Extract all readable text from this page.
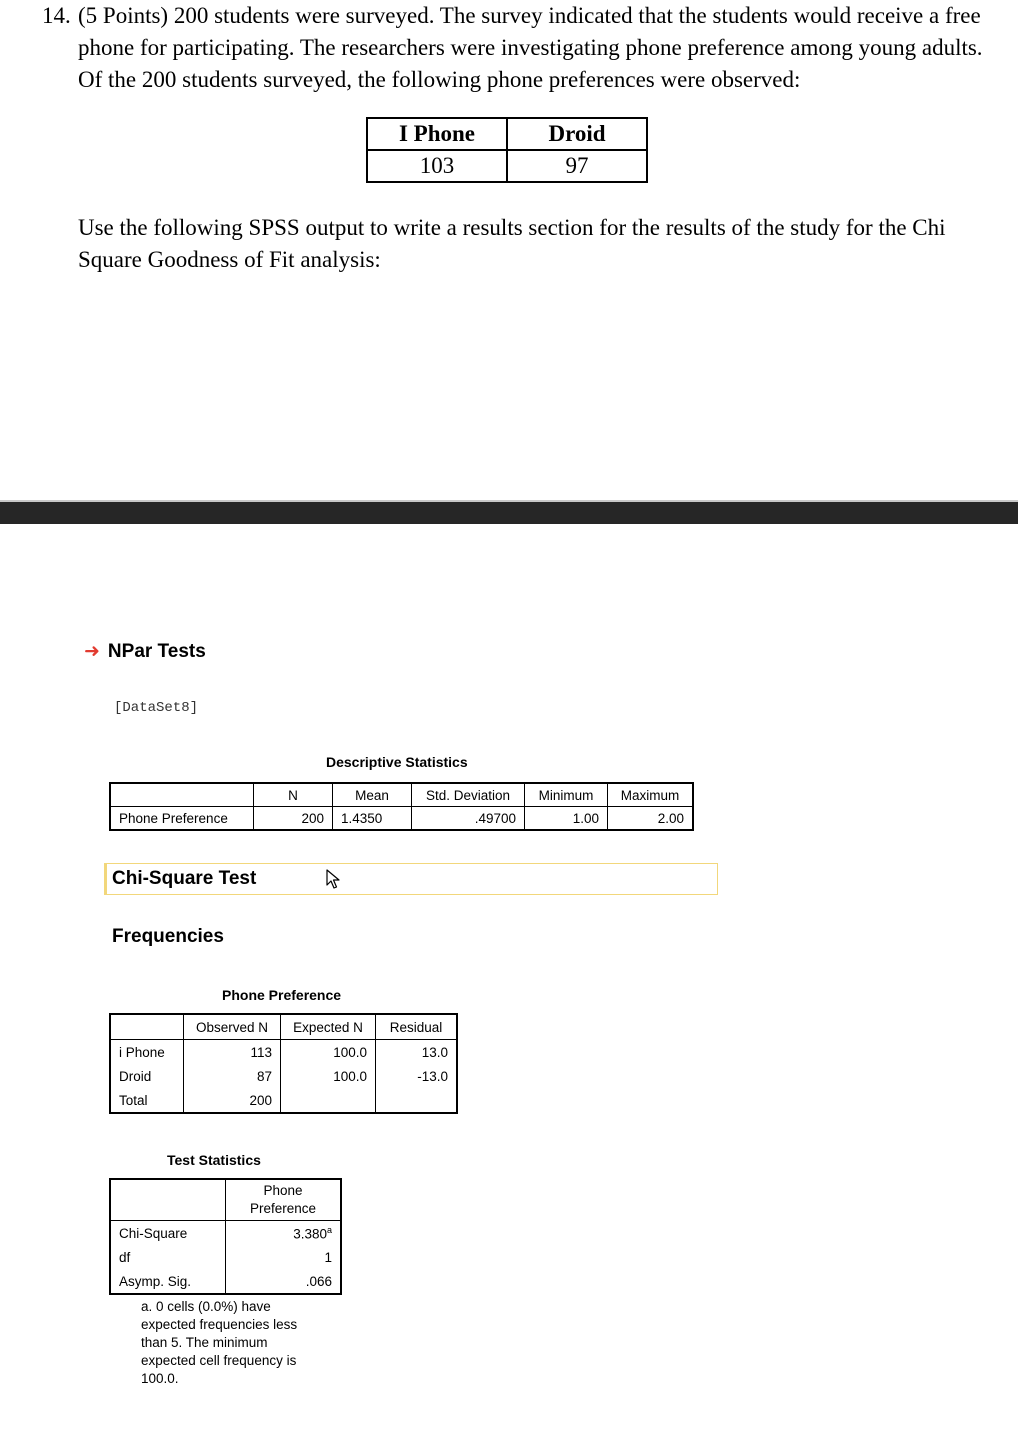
14. (5 Points) 200 students were surveyed. The survey indicated that the students would receive a free phone for participating. The researchers were investigating phone preference among young adults. Of the 200 students surveyed, the following phone preferences were observed:
I Phone	Droid
103	97
Use the following SPSS output to write a results section for the results of the study for the Chi Square Goodness of Fit analysis:
➜ NPar Tests
[DataSet8]
Descriptive Statistics
	N	Mean	Std. Deviation	Minimum	Maximum
Phone Preference	200	1.4350	.49700	1.00	2.00
Chi-Square Test
Frequencies
Phone Preference
	Observed N	Expected N	Residual
i Phone	113	100.0	13.0
Droid	87	100.0	-13.0
Total	200		
Test Statistics
	Phone Preference
Chi-Square	3.380$^a$
df	1
Asymp. Sig.	.066
a. 0 cells (0.0%) have expected frequencies less than 5. The minimum expected cell frequency is 100.0.
